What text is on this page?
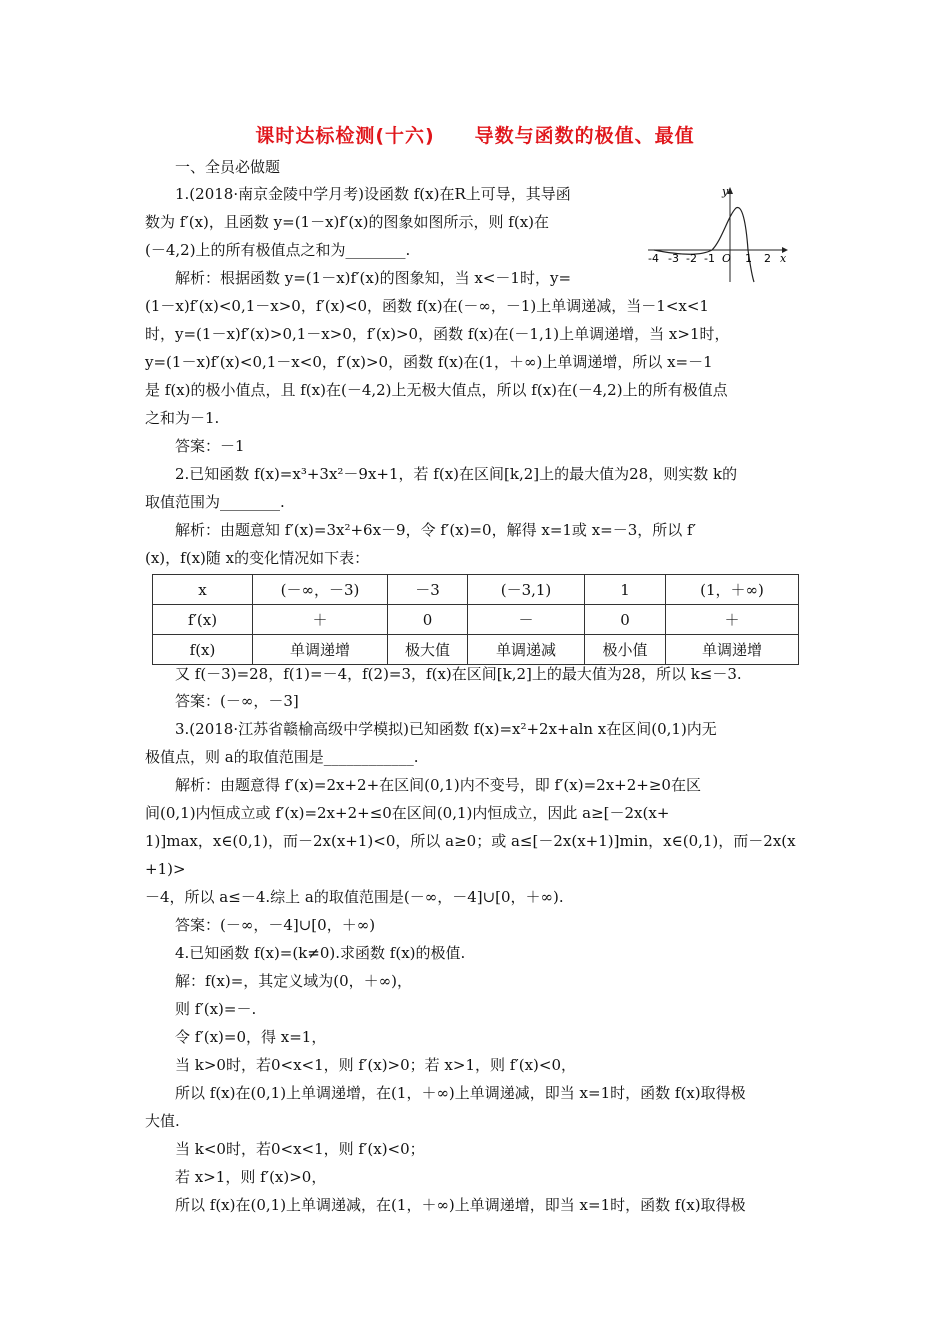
课时达标检测(十六)　　导数与函数的极值、最值
一、全员必做题
1.(2018·南京金陵中学月考)设函数 f(x)在R上可导，其导函
数为 f′(x)，且函数 y=(1－x)f′(x)的图象如图所示，则 f(x)在
(－4,2)上的所有极值点之和为________.
解析：根据函数 y=(1－x)f′(x)的图象知，当 x<－1时，y=
(1－x)f′(x)<0,1－x>0，f′(x)<0，函数 f(x)在(－∞，－1)上单调递减，当－1<x<1
时，y=(1－x)f′(x)>0,1－x>0，f′(x)>0，函数 f(x)在(－1,1)上单调递增，当 x>1时，
y=(1－x)f′(x)<0,1－x<0，f′(x)>0，函数 f(x)在(1，＋∞)上单调递增，所以 x=－1
是 f(x)的极小值点，且 f(x)在(－4,2)上无极大值点，所以 f(x)在(－4,2)上的所有极值点
之和为－1.
答案：－1
y
x
-4 -3 -2 -1 O 1 2
2.已知函数 f(x)=x³+3x²－9x+1，若 f(x)在区间[k,2]上的最大值为28，则实数 k的
取值范围为________.
解析：由题意知 f′(x)=3x²+6x－9，令 f′(x)=0，解得 x=1或 x=－3，所以 f′
(x)，f(x)随 x的变化情况如下表：
x	(－∞，－3)	－3	(－3,1)	1	(1，＋∞)
f′(x)	＋	0	－	0	＋
f(x)	单调递增	极大值	单调递减	极小值	单调递增
又 f(－3)=28，f(1)=－4，f(2)=3，f(x)在区间[k,2]上的最大值为28，所以 k≤－3.
答案：(－∞，－3]
3.(2018·江苏省赣榆高级中学模拟)已知函数 f(x)=x²+2x+aln x在区间(0,1)内无
极值点，则 a的取值范围是____________.
解析：由题意得 f′(x)=2x+2+在区间(0,1)内不变号，即 f′(x)=2x+2+≥0在区
间(0,1)内恒成立或 f′(x)=2x+2+≤0在区间(0,1)内恒成立，因此 a≥[－2x(x+
1)]max，x∈(0,1)，而－2x(x+1)<0，所以 a≥0；或 a≤[－2x(x+1)]min，x∈(0,1)，而－2x(x
+1)>
－4，所以 a≤－4.综上 a的取值范围是(－∞，－4]∪[0，＋∞).
答案：(－∞，－4]∪[0，＋∞)
4.已知函数 f(x)=(k≠0).求函数 f(x)的极值.
解：f(x)=，其定义域为(0，＋∞)，
则 f′(x)=－.
令 f′(x)=0，得 x=1，
当 k>0时，若0<x<1，则 f′(x)>0；若 x>1，则 f′(x)<0，
所以 f(x)在(0,1)上单调递增，在(1，＋∞)上单调递减，即当 x=1时，函数 f(x)取得极
大值.
当 k<0时，若0<x<1，则 f′(x)<0；
若 x>1，则 f′(x)>0，
所以 f(x)在(0,1)上单调递减，在(1，＋∞)上单调递增，即当 x=1时，函数 f(x)取得极
